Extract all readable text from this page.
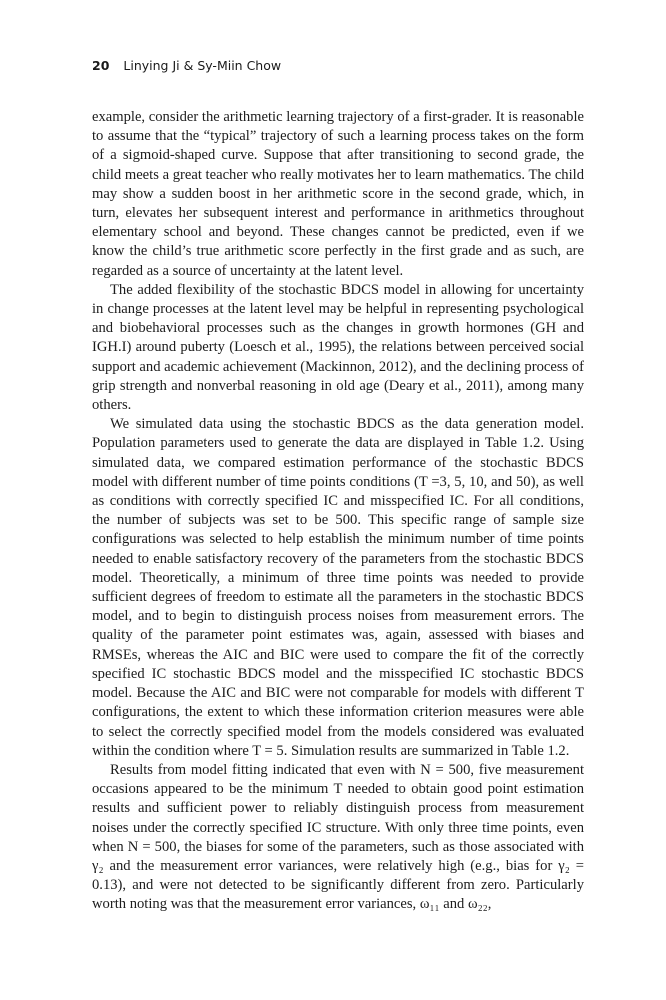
20 Linying Ji & Sy-Miin Chow

example, consider the arithmetic learning trajectory of a first-grader. It is reasonable to assume that the “typical” trajectory of such a learning process takes on the form of a sigmoid-shaped curve. Suppose that after transitioning to second grade, the child meets a great teacher who really motivates her to learn mathematics. The child may show a sudden boost in her arithmetic score in the second grade, which, in turn, elevates her subsequent interest and performance in arithmetics throughout elementary school and beyond. These changes cannot be predicted, even if we know the child’s true arithmetic score perfectly in the first grade and as such, are regarded as a source of uncertainty at the latent level.

The added flexibility of the stochastic BDCS model in allowing for uncertainty in change processes at the latent level may be helpful in representing psychological and biobehavioral processes such as the changes in growth hormones (GH and IGH.I) around puberty (Loesch et al., 1995), the relations between perceived social support and academic achievement (Mackinnon, 2012), and the declining process of grip strength and nonverbal reasoning in old age (Deary et al., 2011), among many others.

We simulated data using the stochastic BDCS as the data generation model. Population parameters used to generate the data are displayed in Table 1.2. Using simulated data, we compared estimation performance of the stochastic BDCS model with different number of time points conditions (T =3, 5, 10, and 50), as well as conditions with correctly specified IC and misspecified IC. For all conditions, the number of subjects was set to be 500. This specific range of sample size configurations was selected to help establish the minimum number of time points needed to enable satisfactory recovery of the parameters from the stochastic BDCS model. Theoretically, a minimum of three time points was needed to provide sufficient degrees of freedom to estimate all the parameters in the stochastic BDCS model, and to begin to distinguish process noises from measurement errors. The quality of the parameter point estimates was, again, assessed with biases and RMSEs, whereas the AIC and BIC were used to compare the fit of the correctly specified IC stochastic BDCS model and the misspecified IC stochastic BDCS model. Because the AIC and BIC were not comparable for models with different T configurations, the extent to which these information criterion measures were able to select the correctly specified model from the models considered was evaluated within the condition where T = 5. Simulation results are summarized in Table 1.2.

Results from model fitting indicated that even with N = 500, five measurement occasions appeared to be the minimum T needed to obtain good point estimation results and sufficient power to reliably distinguish process from measurement noises under the correctly specified IC structure. With only three time points, even when N = 500, the biases for some of the parameters, such as those associated with γ₂ and the measurement error variances, were relatively high (e.g., bias for γ₂ = 0.13), and were not detected to be significantly different from zero. Particularly worth noting was that the measurement error variances, ω₁₁ and ω₂₂,
